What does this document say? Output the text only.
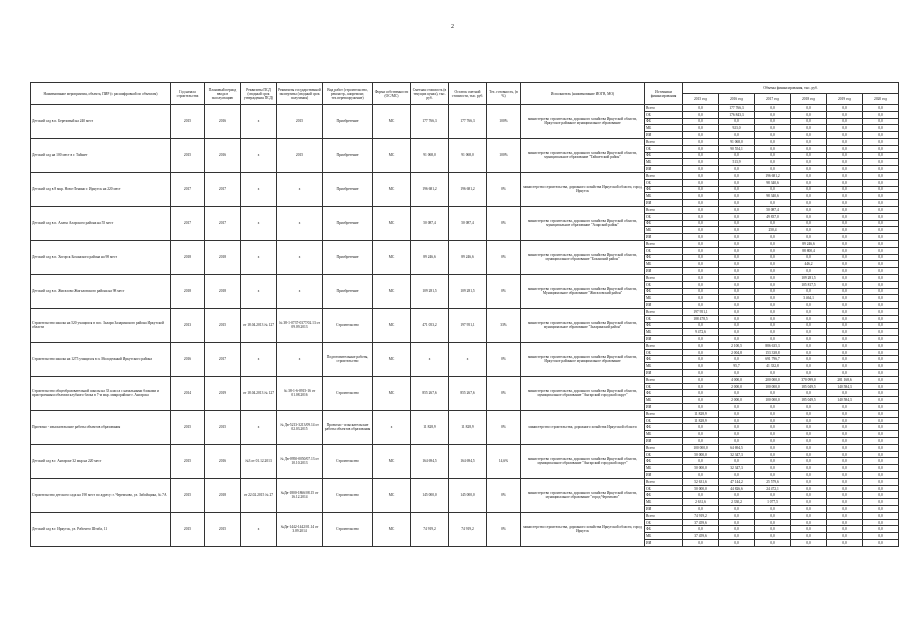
2
Наименование мероприятия, объекта, ПИР (с расшифровкой по объектам)	Год начала строительства	Плановый период ввода в эксплуатацию	Реквизиты ПСД (сводный срок утверждения ПСД)	Реквизиты государственной экспертизы (сводный срок получения)	Вид работ (строительство, реконстр., капремонт, тех.перевооружение)	Форма собственности (ОС/МС)	Сметная стоимость (в текущих ценах), тыс. руб.	Остаток сметной стоимости, тыс. руб.	Тех. готовность, (в %)	Исполнитель (наименование ИОГВ, МО)	Источники финансирования	Объемы финансирования, тыс. руб.					
												2015 год	2016 год	2017 год	2018 год	2019 год	2020 год
Детский сад в п. Березовый на 240 мест	2015	2016	х	2015	Приобретение	МС	177 766,3	177 766,3	100%	министерство строительства, дорожного хозяйства Иркутской области, Иркутское районное муниципальное образование	Всего	0,0	177 766,3	0,0	0,0	0,0	0,0
											ОБ	0,0	176 843,3	0,0	0,0	0,0	0,0
											ФБ	0,0	0,0	0,0	0,0	0,0	0,0
											МБ	0,0	923,0	0,0	0,0	0,0	0,0
											ИИ	0,0	0,0	0,0	0,0	0,0	0,0
Детский сад на 100 мест в г. Тайшет	2015	2016	х	2015	Приобретение	МС	91 068,0	91 068,0	100%	министерство строительства, дорожного хозяйства Иркутской области, муниципальное образование "Тайшетский район"	Всего	0,0	91 068,0	0,0	0,0	0,0	0,0
											ОБ	0,0	90 554,1	0,0	0,0	0,0	0,0
											ФБ	0,0	0,0	0,0	0,0	0,0	0,0
											МБ	0,0	513,9	0,0	0,0	0,0	0,0
											ИИ	0,0	0,0	0,0	0,0	0,0	0,0
Детский сад в 8 мкр. Ново-Ленино г. Иркутск на 220 мест	2017	2017	х	х	Приобретение	МС	196 681,2	196 681,2	0%	министерство строительства, дорожного хозяйства Иркутской области, город Иркутск	Всего	0,0	0,0	196 681,2	0,0	0,0	0,0
											ОБ	0,0	0,0	98 340,6	0,0	0,0	0,0
											ФБ	0,0	0,0	0,0	0,0	0,0	0,0
											МБ	0,0	0,0	98 340,6	0,0	0,0	0,0
											ИИ	0,0	0,0	0,0	0,0	0,0	0,0
Детский сад в п. Алаты Аларского района на 55 мест	2017	2017	х	х	Приобретение	МС	50 087,4	50 087,4	0%	министерство строительства, дорожного хозяйства Иркутской области, муниципальное образование "Аларский район"	Всего	0,0	0,0	50 087,4	0,0	0,0	0,0
											ОБ	0,0	0,0	49 837,0	0,0	0,0	0,0
											ФБ	0,0	0,0	0,0	0,0	0,0	0,0
											МБ	0,0	0,0	250,4	0,0	0,0	0,0
											ИИ	0,0	0,0	0,0	0,0	0,0	0,0
Детский сад в п. Хогорск Боханского района на 98 мест	2018	2018	х	х	Приобретение	МС	89 246,6	89 246,6	0%	министерство строительства, дорожного хозяйства Иркутской области, муниципальное образование "Боханский район"	Всего	0,0	0,0	0,0	89 246,6	0,0	0,0
											ОБ	0,0	0,0	0,0	88 800,4	0,0	0,0
											ФБ	0,0	0,0	0,0	0,0	0,0	0,0
											МБ	0,0	0,0	0,0	446,2	0,0	0,0
											ИИ	0,0	0,0	0,0	0,0	0,0	0,0
Детский сад в п. Жигалово Жигаловского района на 98 мест	2018	2018	х	х	Приобретение	МС	109 281,5	109 281,5	0%	министерство строительства, дорожного хозяйства Иркутской области, Муниципальное образование "Жигаловский район"	Всего	0,0	0,0	0,0	109 281,5	0,0	0,0
											ОБ	0,0	0,0	0,0	105 817,5	0,0	0,0
											ФБ	0,0	0,0	0,0	0,0	0,0	0,0
											МБ	0,0	0,0	0,0	3 464,1	0,0	0,0
											ИИ	0,0	0,0	0,0	0,0	0,0	0,0
Строительство школы на 520 учащихся в пос. Залари Заларинского района Иркутской области	2013	2015	от 18.04.2013 № 127	№ 38-1-0737-0377/02.13 от 09.09.2013	Строительство	МС	471 053,2	197 951,1	33%	министерство строительства, дорожного хозяйства Иркутской области, муниципальное образование "Заларинский район"	Всего	197 951,1	0,0	0,0	0,0	0,0	0,0
											ОБ	188 478,5	0,0	0,0	0,0	0,0	0,0
											ФБ	0,0	0,0	0,0	0,0	0,0	0,0
											МБ	9 472,6	0,0	0,0	0,0	0,0	0,0
											ИИ	0,0	0,0	0,0	0,0	0,0	0,0
Строительство школы на 1275 учащихся в п. Молодежный Иркутского района	2016	2017	х	х	Подготовительные работы, строительство	МС	х	х	0%	министерство строительства, дорожного хозяйства Иркутской области, Иркутское районное муниципальное образование	Всего	0,0	2 100,5	886 635,3	0,0	0,0	0,0
											ОБ	0,0	2 004,8	153 338,8	0,0	0,0	0,0
											ФБ	0,0	0,0	691 796,7	0,0	0,0	0,0
											МБ	0,0	95,7	41 332,8	0,0	0,0	0,0
											ИИ	0,0	0,0	0,0	0,0	0,0	0,0
Строительство общеобразовательной школы на 33 класса с начальными блоками и пристроенным объемом клубного блока в 7-м мкр. микрорайоне г. Ангарска	2014	2019	от 18.04.2013 № 127	№ 38-1-6-0915-16 от 01.08.2016	Строительство	МС	855 267,6	855 267,6	0%	министерство строительства, дорожного хозяйства Иркутской области, муниципальное образование "Ангарский городской округ"	Всего	0,0	4 000,0	200 000,0	370 099,0	281 168,6	0,0
											ОБ	0,0	2 000,0	100 000,0	185 049,5	140 584,3	0,0
											ФБ	0,0	0,0	0,0	0,0	0,0	0,0
											МБ	0,0	2 000,0	100 000,0	185 049,5	140 584,3	0,0
											ИИ	0,0	0,0	0,0	0,0	0,0	0,0
Проектно - изыскательские работы объектов образования	2015	2015	х	№ Дв-5213-3213/09.14 от 02.03.2015	Проектно - изыскательские работы объектов образования	х	11 828,9	11 828,9	0%	министерство строительства, дорожного хозяйства Иркутской области	Всего	11 828,9	0,0	0,0	0,0	0,0	0,0
											ОБ	11 828,9	0,0	0,0	0,0	0,0	0,0
											ФБ	0,0	0,0	0,0	0,0	0,0	0,0
											МБ	0,0	0,0	0,0	0,0	0,0	0,0
											ИИ	0,0	0,0	0,0	0,0	0,0	0,0
Детский сад в г. Ангарске 32 мкр на 220 мест	2015	2016	№3 от 01.12.2013	№ Дв-0950-0050/07.13 от 10.10.2013	Строительство	МС	164 694,5	164 694,5	14,6%	министерство строительства, дорожного хозяйства Иркутской области, муниципальное образование "Ангарский городской округ"	Всего	100 000,0	64 694,5	0,0	0,0	0,0	0,0
											ОБ	50 000,0	32 347,3	0,0	0,0	0,0	0,0
											ФБ	0,0	0,0	0,0	0,0	0,0	0,0
											МБ	50 000,0	32 347,3	0,0	0,0	0,0	0,0
											ИИ	0,0	0,0	0,0	0,0	0,0	0,0
Строительство детского сада на 190 мест по адресу: г. Черемхово, ул. Забойщика, № 7А	2015	2018	от 22.02.2015 № 27	№Дв-1800-1866/08.15 от 16.12.2014	Строительство	МС	145 000,0	145 000,0	0%	министерство строительства, дорожного хозяйства Иркутской области, муниципальное образование "город Черемхово"	Всего	52 631,6	47 144,2	25 579,6	0,0	0,0	0,0
											ОБ	50 000,0	44 826,6	24 472,1	0,0	0,0	0,0
											ФБ	0,0	0,0	0,0	0,0	0,0	0,0
											МБ	2 631,6	2 330,2	1 077,5	0,0	0,0	0,0
											ИИ	0,0	0,0	0,0	0,0	0,0	0,0
Детский сад в г. Иркутск, ул. Рабочего Штаба, 11	2015	2015	х	№Дв-1442-1442/01.14 от 3.09.2014	Строительство	МС	74 919,2	74 919,2	0%	министерство строительства, дорожного хозяйства Иркутской области, город Иркутск	Всего	74 919,2	0,0	0,0	0,0	0,0	0,0
											ОБ	37 459,6	0,0	0,0	0,0	0,0	0,0
											ФБ	0,0	0,0	0,0	0,0	0,0	0,0
											МБ	37 459,6	0,0	0,0	0,0	0,0	0,0
											ИИ	0,0	0,0	0,0	0,0	0,0	0,0
